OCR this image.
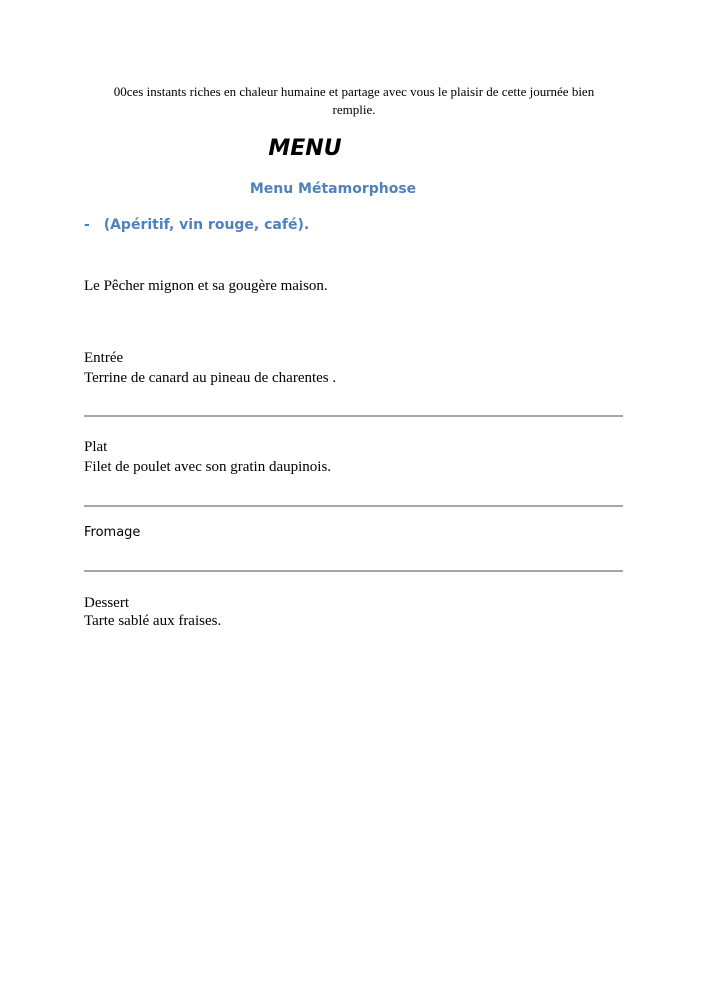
00ces instants riches en chaleur humaine et partage avec vous le plaisir de cette journée bien
remplie.
MENU
Menu Métamorphose
- (Apéritif, vin rouge, café).
Le Pêcher mignon et sa gougère maison.
Entrée
Terrine de canard au pineau de charentes .
Plat
Filet de poulet avec son gratin daupinois.
Fromage
Dessert
Tarte sablé aux fraises.
